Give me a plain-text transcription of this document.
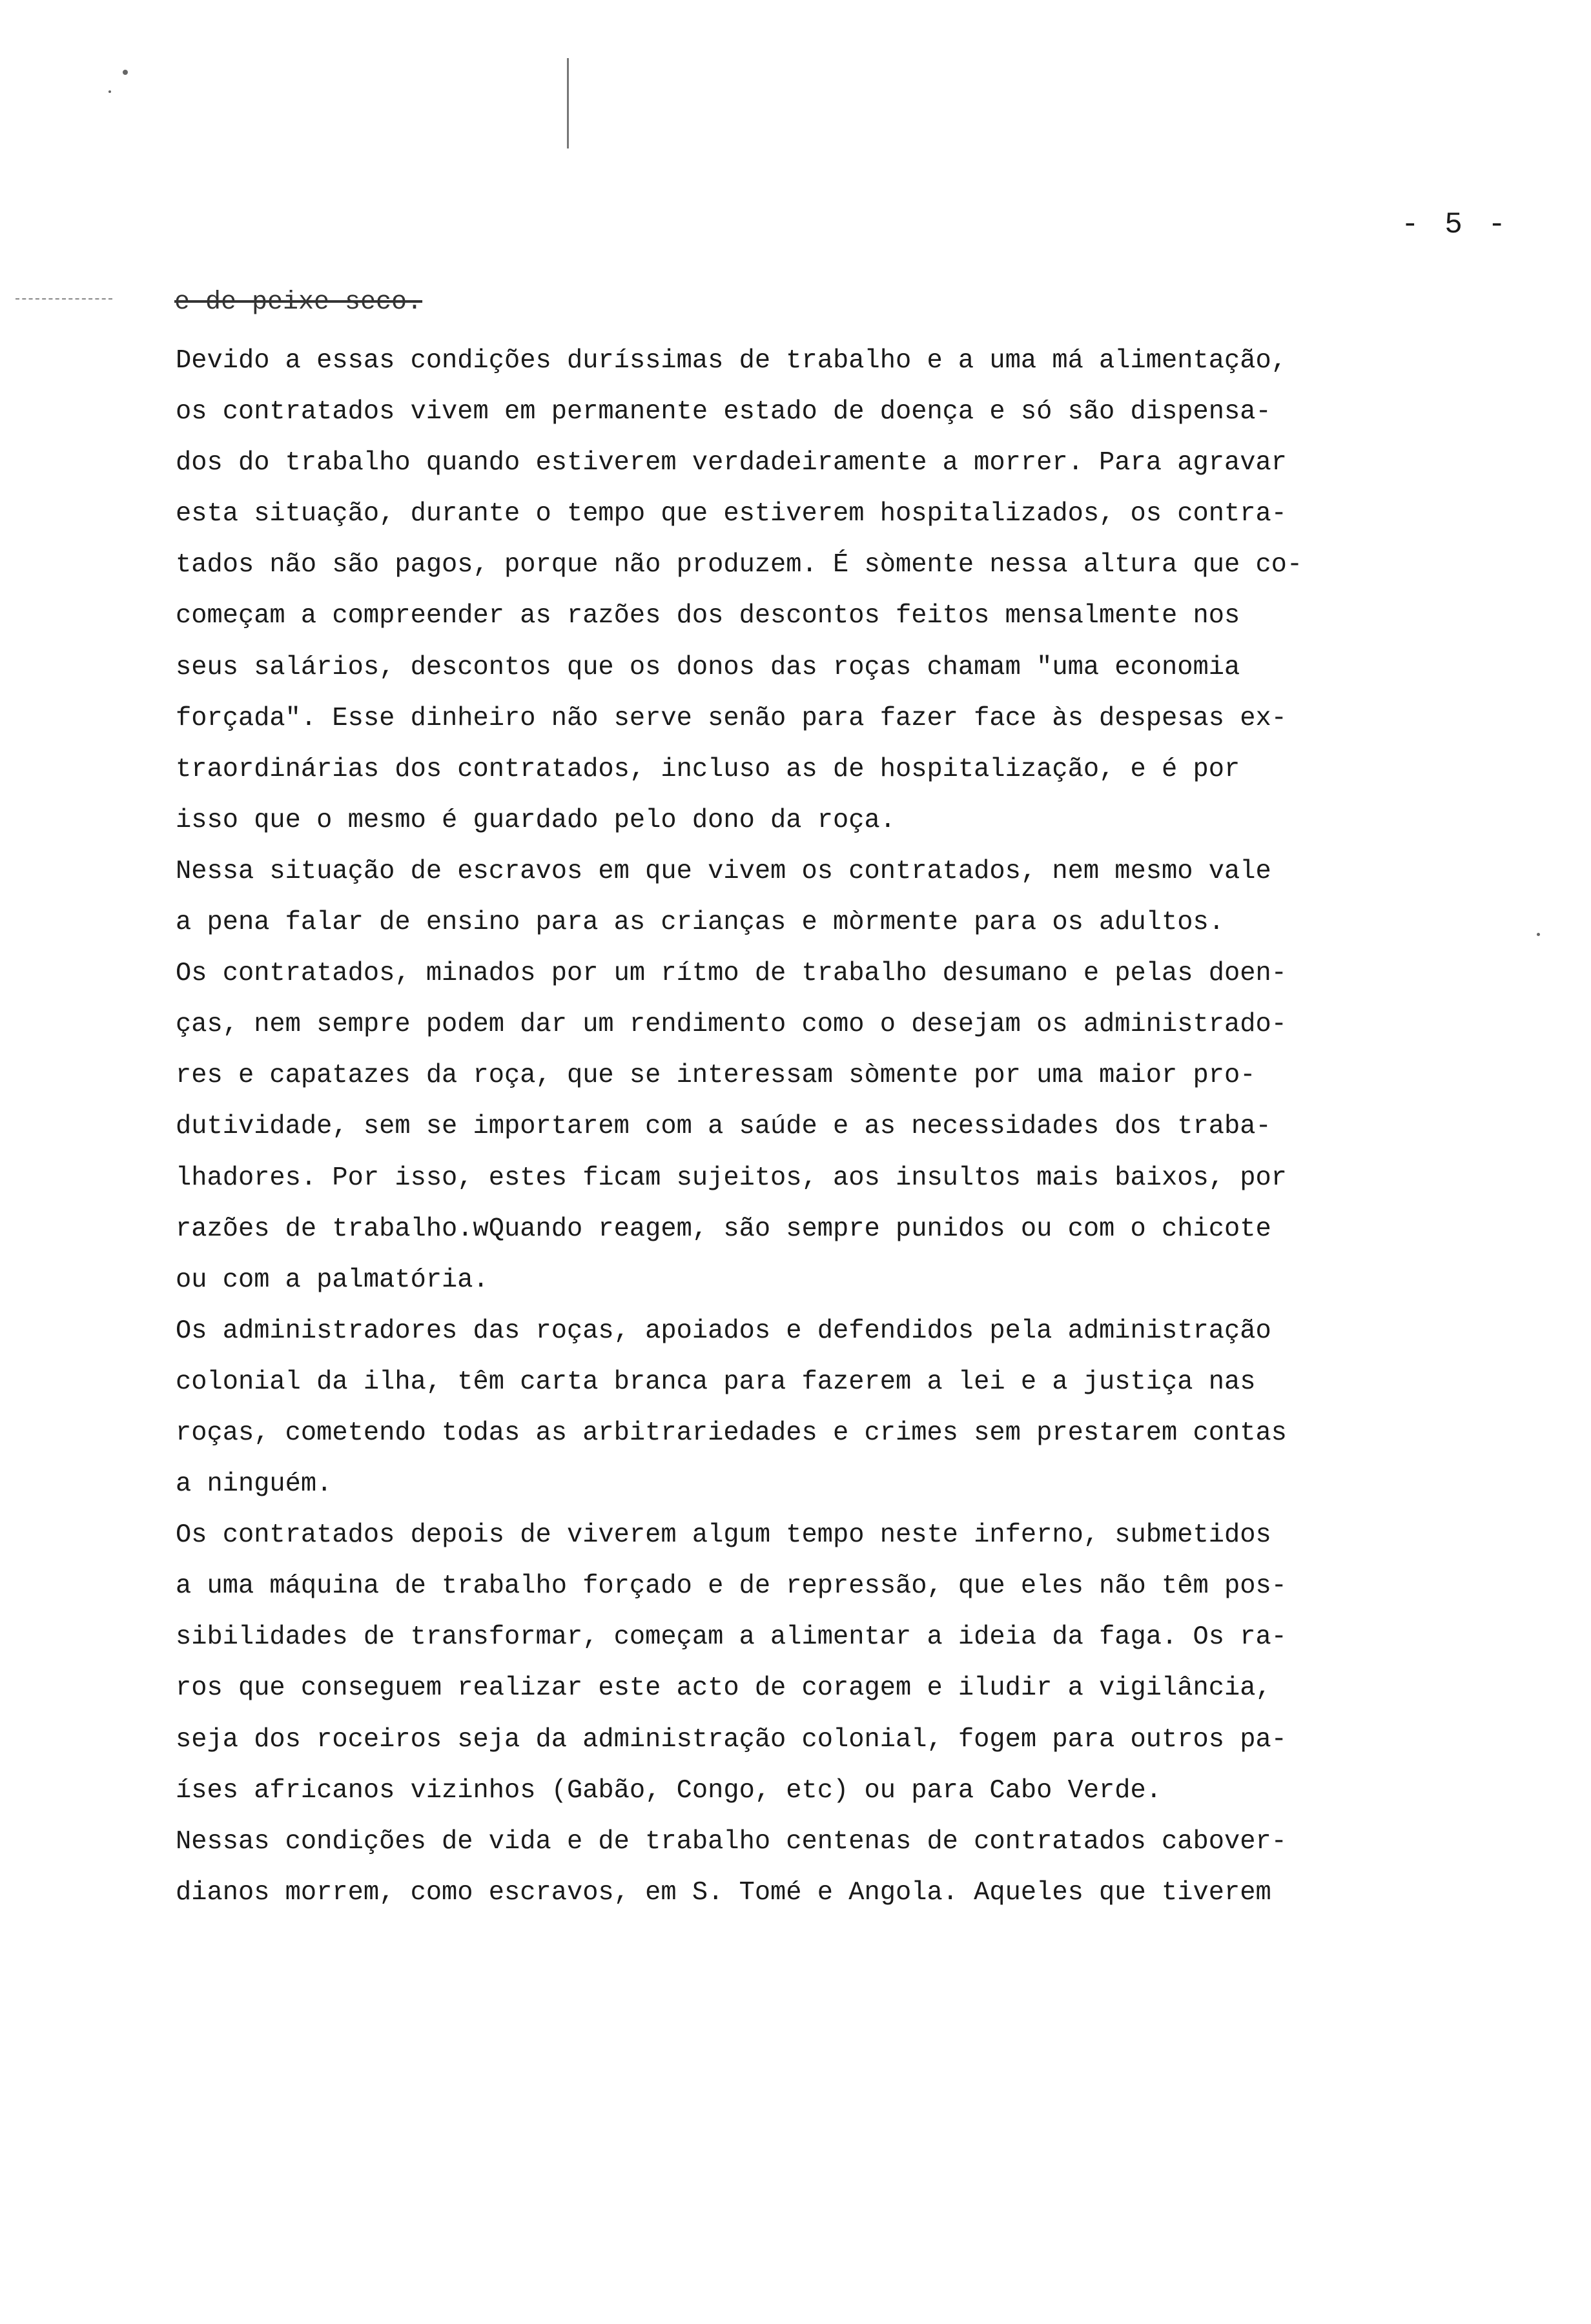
- 5 -
e de peixe seco.
Devido a essas condições duríssimas de trabalho e a uma má alimentação,
os contratados vivem em permanente estado de doença e só são dispensa-
dos do trabalho quando estiverem verdadeiramente a morrer. Para agravar
esta situação, durante o tempo que estiverem hospitalizados, os contra-
tados não são pagos, porque não produzem. É sòmente nessa altura que co-
começam a compreender as razões dos descontos feitos mensalmente nos
seus salários, descontos que os donos das roças chamam "uma economia
forçada". Esse dinheiro não serve senão para fazer face às despesas ex-
traordinárias dos contratados, incluso as de hospitalização, e é por
isso que o mesmo é guardado pelo dono da roça.
Nessa situação de escravos em que vivem os contratados, nem mesmo vale
a pena falar de ensino para as crianças e mòrmente para os adultos.
Os contratados, minados por um rítmo de trabalho desumano e pelas doen-
ças, nem sempre podem dar um rendimento como o desejam os administrado-
res e capatazes da roça, que se interessam sòmente por uma maior pro-
dutividade, sem se importarem com a saúde e as necessidades dos traba-
lhadores. Por isso, estes ficam sujeitos, aos insultos mais baixos, por
razões de trabalho.wQuando reagem, são sempre punidos ou com o chicote
ou com a palmatória.
Os administradores das roças, apoiados e defendidos pela administração
colonial da ilha, têm carta branca para fazerem a lei e a justiça nas
roças, cometendo todas as arbitrariedades e crimes sem prestarem contas
a ninguém.
Os contratados depois de viverem algum tempo neste inferno, submetidos
a uma máquina de trabalho forçado e de repressão, que eles não têm pos-
sibilidades de transformar, começam a alimentar a ideia da faga. Os ra-
ros que conseguem realizar este acto de coragem e iludir a vigilância,
seja dos roceiros seja da administração colonial, fogem para outros pa-
íses africanos vizinhos (Gabão, Congo, etc) ou para Cabo Verde.
Nessas condições de vida e de trabalho centenas de contratados cabover-
dianos morrem, como escravos, em S. Tomé e Angola. Aqueles que tiverem
